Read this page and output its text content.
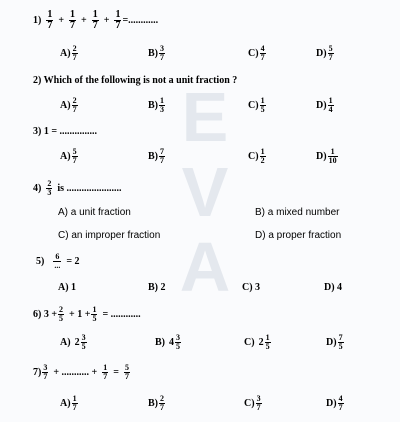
E
V
A
$1) \frac{1}{7} + \frac{1}{7} + \frac{1}{7} + \frac{1}{7}$ =............
$A) \frac{2}{7}$	$B) \frac{3}{7}$	$C) \frac{4}{7}$	$D) \frac{5}{7}$
2) Which of the following is not a unit fraction ?
$A) \frac{2}{7}$	$B) \frac{1}{3}$	$C) \frac{1}{5}$	$D) \frac{1}{4}$
3) 1 = ...............
$A) \frac{5}{7}$	$B) \frac{7}{7}$	$C) \frac{1}{2}$	$D) \frac{1}{10}$
$4) \frac{2}{3}$ is ......................
A) a unit fraction	B) a mixed number
C) an improper fraction	D) a proper fraction
$5) \frac{6}{...} = 2$
A) 1	B) 2	C) 3	D) 4
6) $3 + \frac{2}{5} + 1 + \frac{1}{5}$ = ............
A) $2 \frac{3}{5}$	B) $4 \frac{3}{5}$	C) $2 \frac{1}{5}$	$D) \frac{7}{5}$
$7) \frac{3}{7}$ + ........... + $\frac{1}{7} = \frac{5}{7}$
$A) \frac{1}{7}$	$B) \frac{2}{7}$	$C) \frac{3}{7}$	$D) \frac{4}{7}$
